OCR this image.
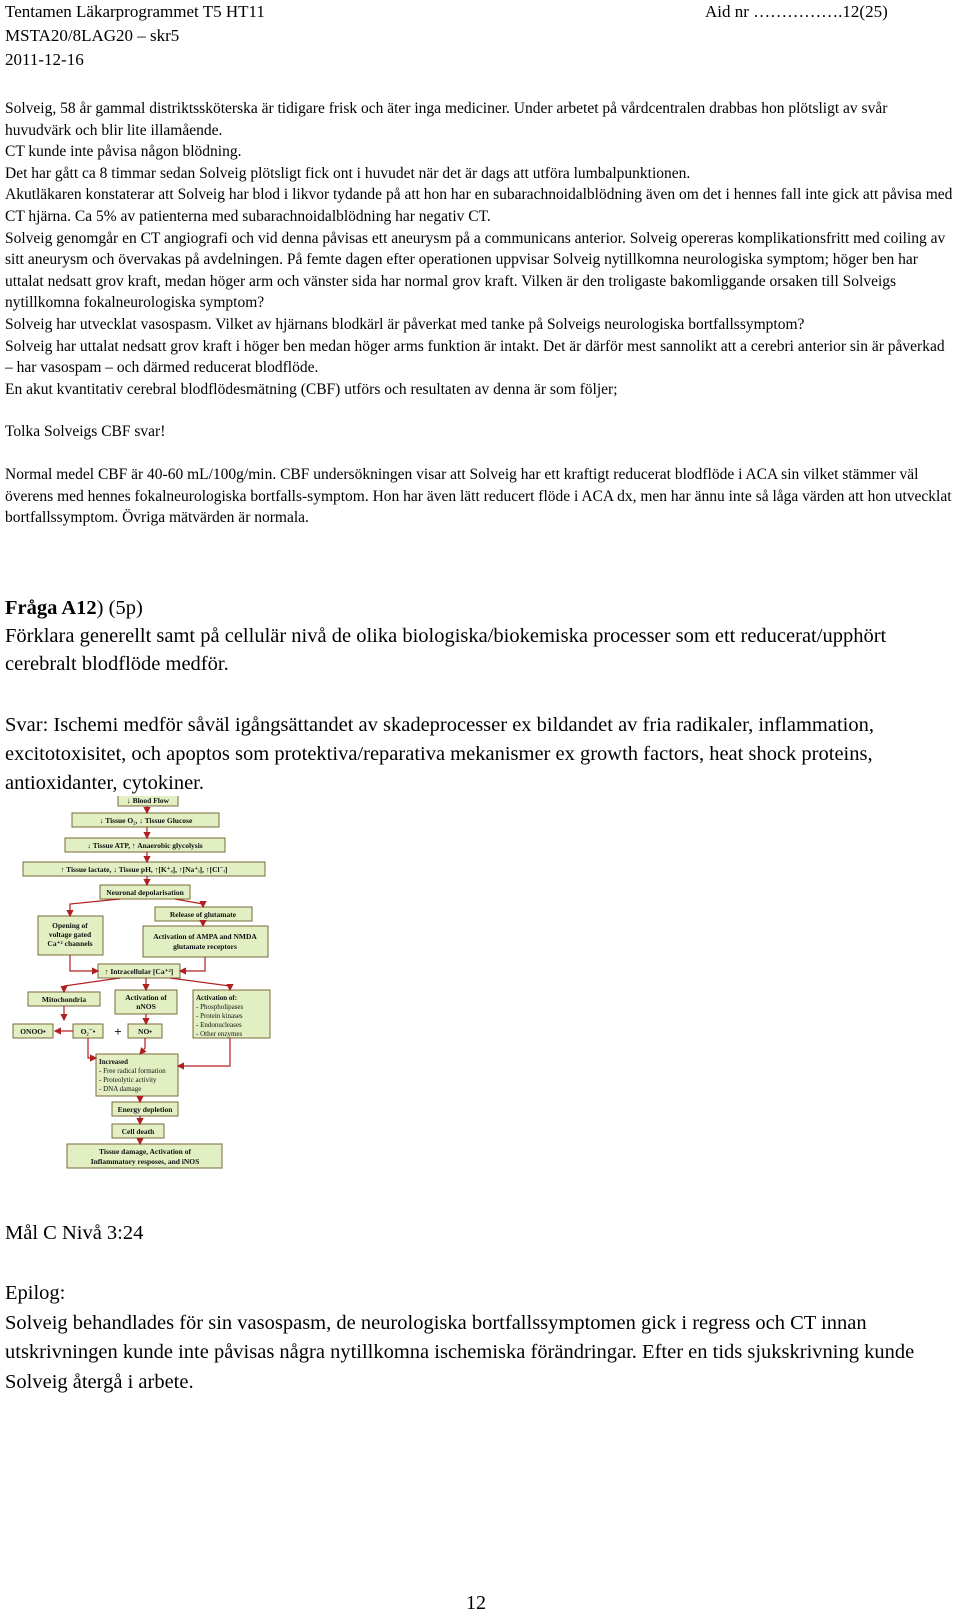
Tentamen Läkarprogrammet T5 HT11	Aid nr …………….12(25)
MSTA20/8LAG20 – skr5
2011-12-16

Solveig, 58 år gammal distriktssköterska är tidigare frisk och äter inga mediciner. Under arbetet på vårdcentralen drabbas hon plötsligt av svår huvudvärk och blir lite illamående.

CT kunde inte påvisa någon blödning.

Det har gått ca 8 timmar sedan Solveig plötsligt fick ont i huvudet när det är dags att utföra lumbalpunktionen.

Akutläkaren konstaterar att Solveig har blod i likvor tydande på att hon har en subarachnoidalblödning även om det i hennes fall inte gick att påvisa med CT hjärna. Ca 5% av patienterna med subarachnoidalblödning har negativ CT.

Solveig genomgår en CT angiografi och vid denna påvisas ett aneurysm på a communicans anterior. Solveig opereras komplikationsfritt med coiling av sitt aneurysm och övervakas på avdelningen. På femte dagen efter operationen uppvisar Solveig nytillkomna neurologiska symptom; höger ben har uttalat nedsatt grov kraft, medan höger arm och vänster sida har normal grov kraft. Vilken är den troligaste bakomliggande orsaken till Solveigs nytillkomna fokalneurologiska symptom?

Solveig har utvecklat vasospasm. Vilket av hjärnans blodkärl är påverkat med tanke på Solveigs neurologiska bortfallssymptom?

Solveig har uttalat nedsatt grov kraft i höger ben medan höger arms funktion är intakt. Det är därför mest sannolikt att a cerebri anterior sin är påverkad – har vasospam – och därmed reducerat blodflöde.

En akut kvantitativ cerebral blodflödesmätning (CBF) utförs och resultaten av denna är som följer;

Tolka Solveigs CBF svar!

Normal medel CBF är 40-60 mL/100g/min. CBF undersökningen visar att Solveig har ett kraftigt reducerat blodflöde i ACA sin vilket stämmer väl överens med hennes fokalneurologiska bortfalls-symptom. Hon har även lätt reducert flöde i ACA dx, men har ännu inte så låga värden att hon utvecklat bortfallssymptom. Övriga mätvärden är normala.

Fråga A12) (5p)

Förklara generellt samt på cellulär nivå de olika biologiska/biokemiska processer som ett reducerat/upphört cerebralt blodflöde medför.

Svar: Ischemi medför såväl igångsättandet av skadeprocesser ex bildandet av fria radikaler, inflammation, excitotoxisitet, och apoptos som protektiva/reparativa mekanismer ex growth factors, heat shock proteins, antioxidanter, cytokiner.

↓ Blood Flow
↓ Tissue O₂, ↓ Tissue Glucose
↓ Tissue ATP, ↑ Anaerobic glycolysis
↑ Tissue lactate, ↓ Tissue pH, ↑[K⁺ₑ], ↑[Na⁺ᵢ], ↑[Cl⁻ᵢ]
Neuronal depolarisation
Opening of
voltage gated
Ca⁺² channels
Release of glutamate
Activation of AMPA and NMDA
glutamate receptors
↑ Intracellular [Ca⁺²]
Mitochondria	Activation of
nNOS
ONOO•	O₂⁻•	NO•
Energy depletion
Cell death
Tissue damage, Activation of
Inflammatory resposes, and iNOS
+
Activation of:
- Phospholipases
- Protein kinases
- Endonucleases
- Other enzymes
Increased
- Free radical formation
- Proteolytic activity
- DNA damage
Mål C Nivå 3:24

Epilog:

Solveig behandlades för sin vasospasm, de neurologiska bortfallssymptomen gick i regress och CT innan utskrivningen kunde inte påvisas några nytillkomna ischemiska förändringar. Efter en tids sjukskrivning kunde Solveig återgå i arbete.

12
